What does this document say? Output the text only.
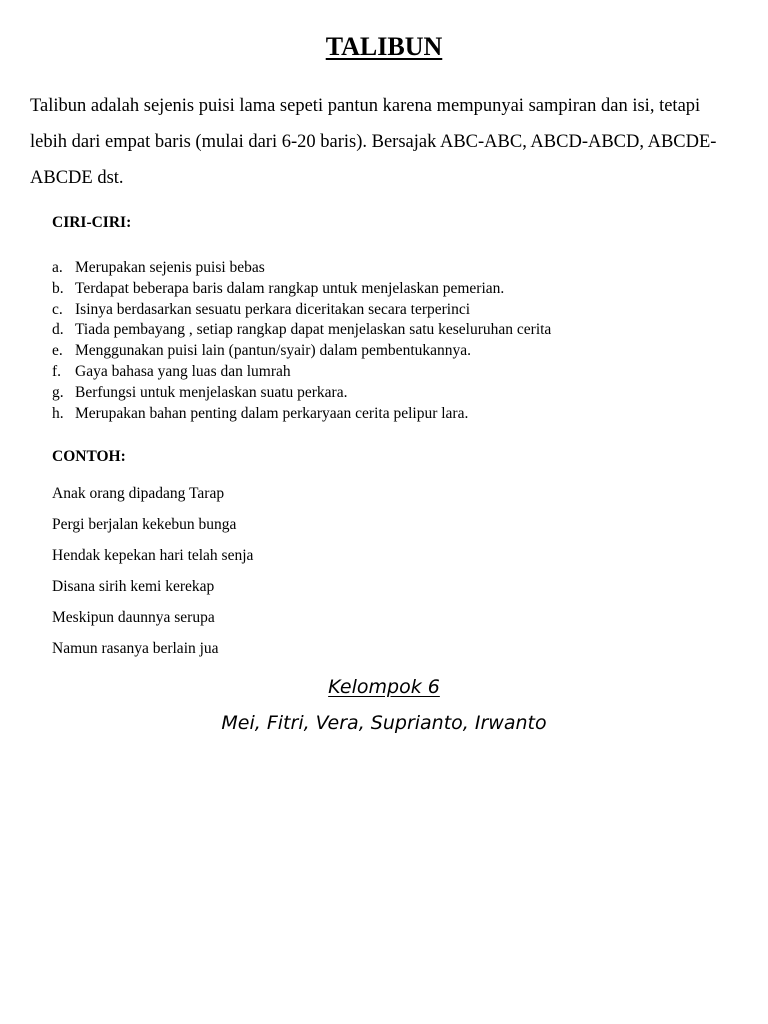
TALIBUN

Talibun adalah sejenis puisi lama sepeti pantun karena mempunyai sampiran dan isi, tetapi lebih dari empat baris (mulai dari 6-20 baris). Bersajak ABC-ABC, ABCD-ABCD, ABCDE-ABCDE dst.

CIRI-CIRI:
a. Merupakan sejenis puisi bebas
b. Terdapat beberapa baris dalam rangkap untuk menjelaskan pemerian.
c. Isinya berdasarkan sesuatu perkara diceritakan secara terperinci
d. Tiada pembayang , setiap rangkap dapat menjelaskan satu keseluruhan cerita
e. Menggunakan puisi lain (pantun/syair) dalam pembentukannya.
f. Gaya bahasa yang luas dan lumrah
g. Berfungsi untuk menjelaskan suatu perkara.
h. Merupakan bahan penting dalam perkaryaan cerita pelipur lara.
CONTOH:
Anak orang dipadang Tarap
Pergi berjalan kekebun bunga
Hendak kepekan hari telah senja
Disana sirih kemi kerekap
Meskipun daunnya serupa
Namun rasanya berlain jua

Kelompok 6

Mei, Fitri, Vera, Suprianto, Irwanto
